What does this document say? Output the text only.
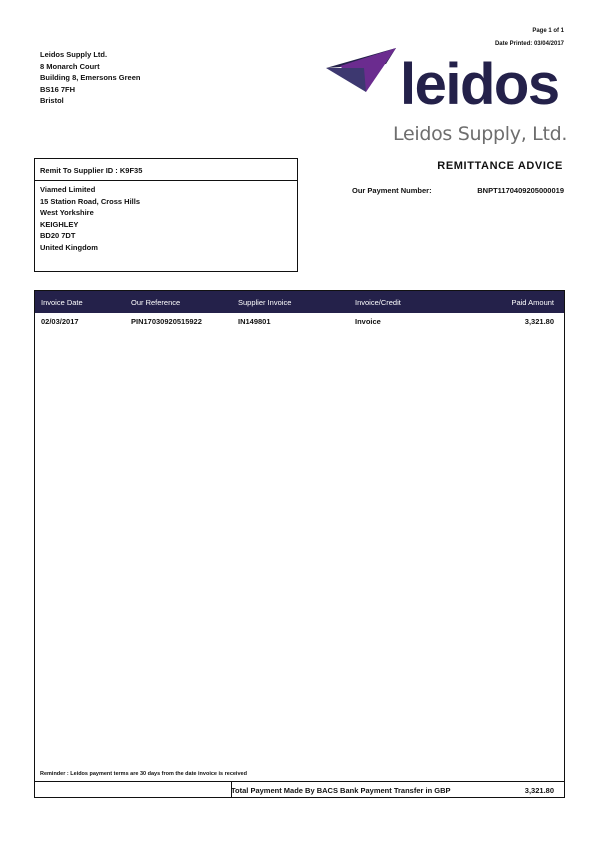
Page 1 of 1
Date Printed: 03/04/2017
Leidos Supply Ltd.
8 Monarch Court
Building 8, Emersons Green
BS16 7FH
Bristol	leidos
Leidos Supply, Ltd.
Remit To Supplier ID : K9F35
Viamed Limited
15 Station Road, Cross Hills
West Yorkshire
KEIGHLEY
BD20 7DT
United Kingdom
REMITTANCE ADVICE
Our Payment Number:	BNPT1170409205000019
Invoice Date	Our Reference	Supplier Invoice	Invoice/Credit	Paid Amount
02/03/2017	PIN17030920515922	IN149801	Invoice	3,321.80
Reminder : Leidos payment terms are 30 days from the date invoice is received
Total Payment Made By BACS Bank Payment Transfer in GBP	3,321.80
